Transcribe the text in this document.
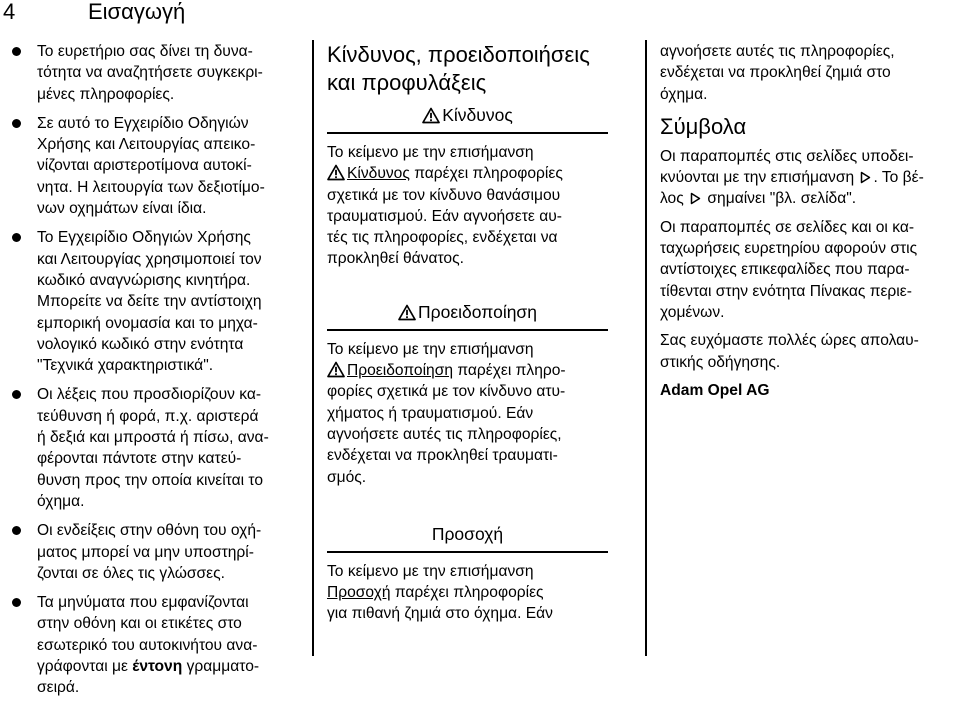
4	Εισαγωγή
Το ευρετήριο σας δίνει τη δυνα-
τότητα να αναζητήσετε συγκεκρι-
μένες πληροφορίες.
Σε αυτό το Εγχειρίδιο Οδηγιών
Χρήσης και Λειτουργίας απεικο-
νίζονται αριστεροτίμονα αυτοκί-
νητα. Η λειτουργία των δεξιοτίμο-
νων οχημάτων είναι ίδια.
Το Εγχειρίδιο Οδηγιών Χρήσης
και Λειτουργίας χρησιμοποιεί τον
κωδικό αναγνώρισης κινητήρα.
Μπορείτε να δείτε την αντίστοιχη
εμπορική ονομασία και το μηχα-
νολογικό κωδικό στην ενότητα
"Τεχνικά χαρακτηριστικά".
Οι λέξεις που προσδιορίζουν κα-
τεύθυνση ή φορά, π.χ. αριστερά
ή δεξιά και μπροστά ή πίσω, ανα-
φέρονται πάντοτε στην κατεύ-
θυνση προς την οποία κινείται το
όχημα.
Οι ενδείξεις στην οθόνη του οχή-
ματος μπορεί να μην υποστηρί-
ζονται σε όλες τις γλώσσες.
Τα μηνύματα που εμφανίζονται
στην οθόνη και οι ετικέτες στο
εσωτερικό του αυτοκινήτου ανα-
γράφονται με έντονη γραμματο-
σειρά.
Κίνδυνος, προειδοποιήσεις
και προφυλάξεις
Κίνδυνος
Το κείμενο με την επισήμανση
Κίνδυνος παρέχει πληροφορίες
σχετικά με τον κίνδυνο θανάσιμου
τραυματισμού. Εάν αγνοήσετε αυ-
τές τις πληροφορίες, ενδέχεται να
προκληθεί θάνατος.
Προειδοποίηση
Το κείμενο με την επισήμανση
Προειδοποίηση παρέχει πληρο-
φορίες σχετικά με τον κίνδυνο ατυ-
χήματος ή τραυματισμού. Εάν
αγνοήσετε αυτές τις πληροφορίες,
ενδέχεται να προκληθεί τραυματι-
σμός.
Προσοχή
Το κείμενο με την επισήμανση
Προσοχή παρέχει πληροφορίες
για πιθανή ζημιά στο όχημα. Εάν
αγνοήσετε αυτές τις πληροφορίες,
ενδέχεται να προκληθεί ζημιά στο
όχημα.
Σύμβολα

Οι παραπομπές στις σελίδες υποδει-
κνύονται με την επισήμανση . Το βέ-
λος  σημαίνει "βλ. σελίδα".

Οι παραπομπές σε σελίδες και οι κα-
ταχωρήσεις ευρετηρίου αφορούν στις
αντίστοιχες επικεφαλίδες που παρα-
τίθενται στην ενότητα Πίνακας περιε-
χομένων.

Σας ευχόμαστε πολλές ώρες απολαυ-
στικής οδήγησης.

Adam Opel AG
